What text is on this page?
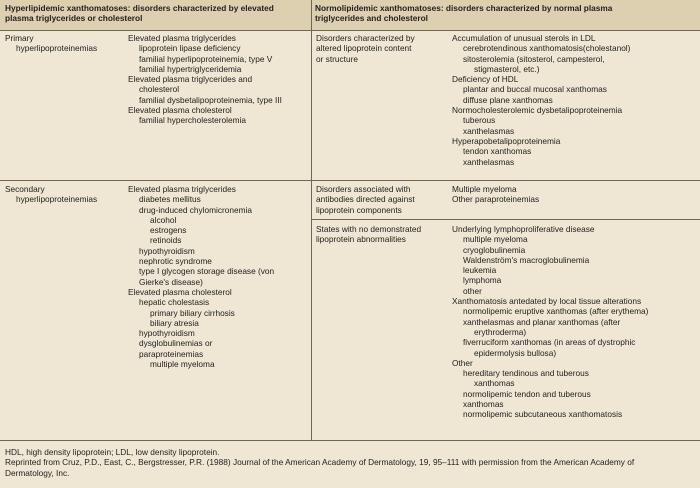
Hyperlipidemic xanthomatoses: disorders characterized by elevated
plasma triglycerides or cholesterol
Normolipidemic xanthomatoses: disorders characterized by normal plasma
triglycerides and cholesterol
Primary
hyperlipoproteinemias
Elevated plasma triglycerides
lipoprotein lipase deficiency
familial hyperlipoproteinemia, type V
familial hypertriglyceridemia
Elevated plasma triglycerides and
cholesterol
familial dysbetalipoproteinemia, type III
Elevated plasma cholesterol
familial hypercholesterolemia
Disorders characterized by
altered lipoprotein content
or structure
Accumulation of unusual sterols in LDL
cerebrotendinous xanthomatosis(cholestanol)
sitosterolemia (sitosterol, campesterol,
stigmasterol, etc.)
Deficiency of HDL
plantar and buccal mucosal xanthomas
diffuse plane xanthomas
Normocholesterolemic dysbetalipoproteinemia
tuberous
xanthelasmas
Hyperapobetalipoproteinemia
tendon xanthomas
xanthelasmas
Secondary
hyperlipoproteinemias
Elevated plasma triglycerides
diabetes mellitus
drug-induced chylomicronemia
alcohol
estrogens
retinoids
hypothyroidism
nephrotic syndrome
type I glycogen storage disease (von
Gierke's disease)
Elevated plasma cholesterol
hepatic cholestasis
primary biliary cirrhosis
biliary atresia
hypothyroidism
dysglobulinemias or
paraproteinemias
multiple myeloma
Disorders associated with
antibodies directed against
lipoprotein components
Multiple myeloma
Other paraproteinemias
States with no demonstrated
lipoprotein abnormalities
Underlying lymphoproliferative disease
multiple myeloma
cryoglobulinemia
Waldenström's macroglobulinemia
leukemia
lymphoma
other
Xanthomatosis antedated by local tissue alterations
normolipemic eruptive xanthomas (after erythema)
xanthelasmas and planar xanthomas (after
erythroderma)
fiverruciform xanthomas (in areas of dystrophic
epidermolysis bullosa)
Other
hereditary tendinous and tuberous
xanthomas
normolipemic tendon and tuberous
xanthomas
normolipemic subcutaneous xanthomatosis
HDL, high density lipoprotein; LDL, low density lipoprotein.
Reprinted from Cruz, P.D., East, C., Bergstresser, P.R. (1988) Journal of the American Academy of Dermatology, 19, 95–111 with permission from the American Academy of
Dermatology, Inc.
